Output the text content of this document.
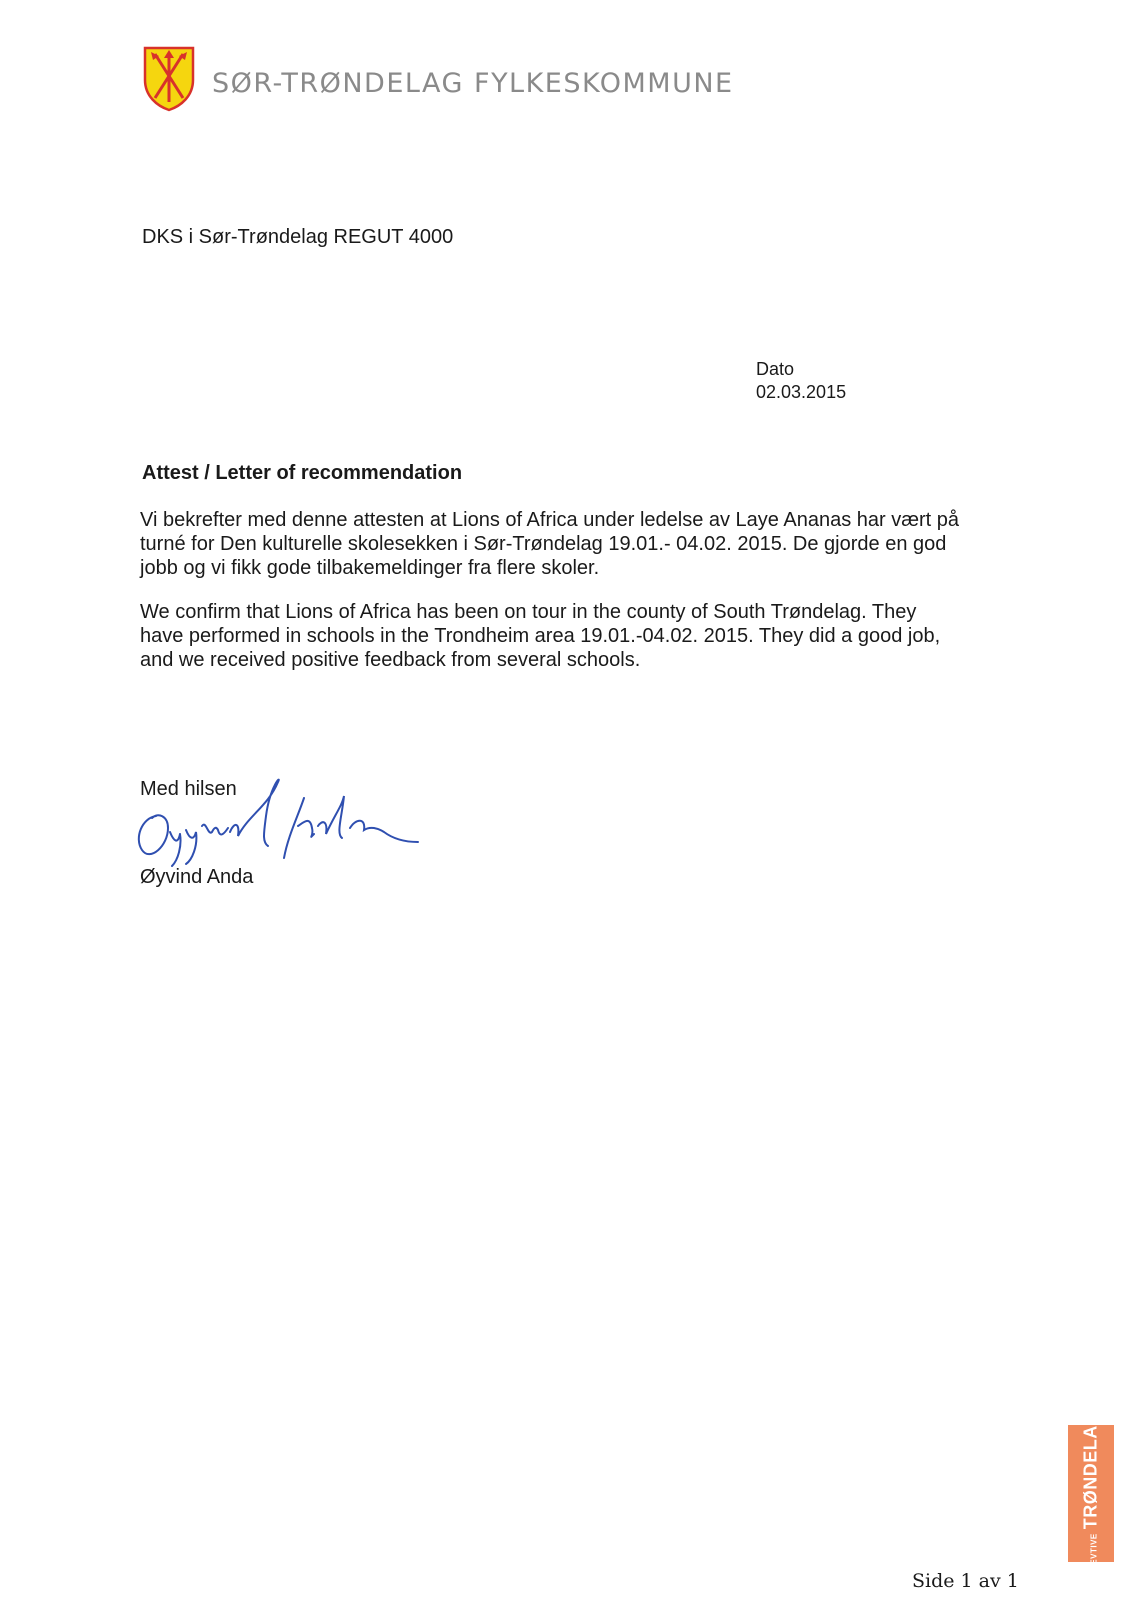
SØR-TRØNDELAG FYLKESKOMMUNE
DKS i Sør-Trøndelag REGUT 4000
Dato
02.03.2015
Attest / Letter of recommendation

Vi bekrefter med denne attesten at Lions of Africa under ledelse av Laye Ananas har vært på
turné for Den kulturelle skolesekken i Sør-Trøndelag 19.01.- 04.02. 2015. De gjorde en god
jobb og vi fikk gode tilbakemeldinger fra flere skoler.

We confirm that Lions of Africa has been on tour in the county of South Trøndelag. They
have performed in schools in the Trondheim area 19.01.-04.02. 2015. They did a good job,
and we received positive feedback from several schools.

Med hilsen
Øyvind Anda
KREVTIVE
TRØNDELAG
Side 1 av 1
